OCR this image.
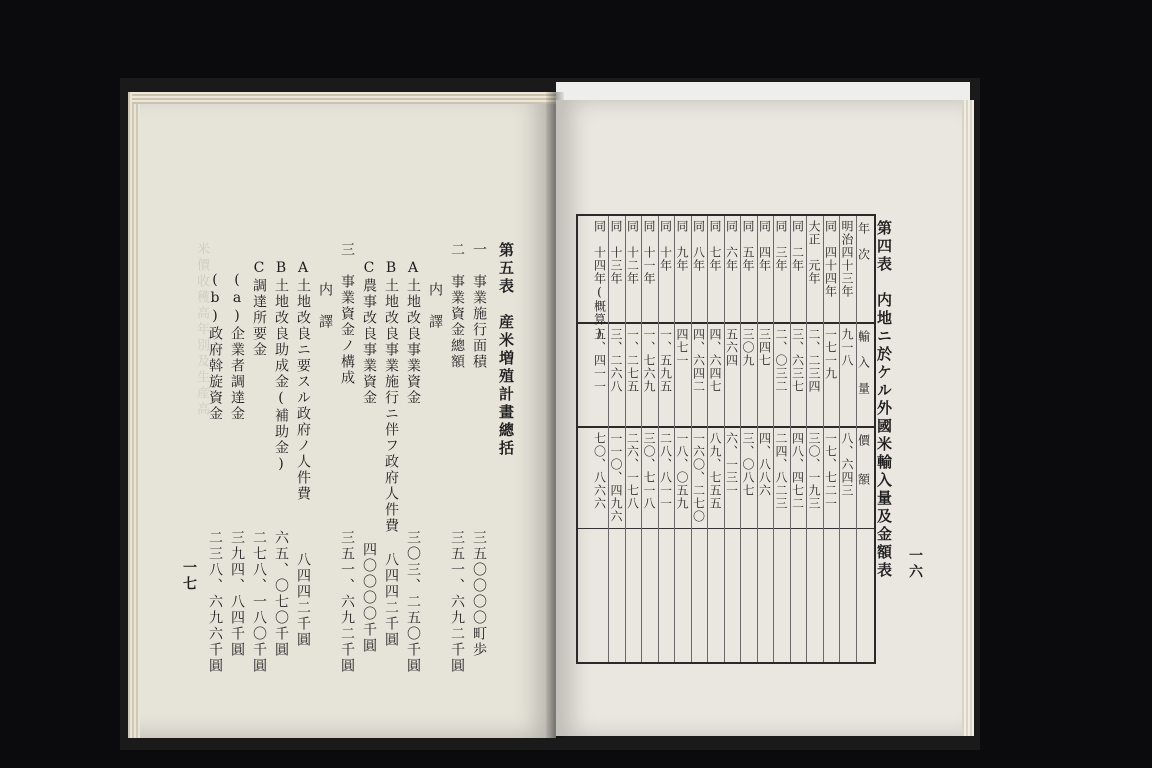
米價收穫高年別及生産高	第五表　産米増殖計畫總括
一　事業施行面積
三五〇〇〇〇町歩
二　事業資金總額
三五一、六九二千圓
内　譯
A土地改良事業資金
三〇三、二五〇千圓
B土地改良事業施行ニ伴フ政府人件費
八四四二千圓
C農事改良事業資金
四〇〇〇〇千圓
三　事業資金ノ構成
三五一、六九二千圓
内　譯
A土地改良ニ要スル政府ノ人件費
八四四二千圓
B土地改良助成金(補助金)
六五、〇七〇千圓
C調達所要金
二七八、一八〇千圓
(a)企業者調達金
三九四、八四千圓
(b)政府斡旋資金
二三八、六九六千圓
一七	第四表　内地ニ於ケル外國米輸入量及金額表 一六
年　次
輸　入　量
價　　額
明治四十三年
九一八
八、六四三
同　四十四年
一七一九
一七、七二一
大正　元年
二、二三四
三〇、一九三
同　二年
三、六三七
四八、四七二
同　三年
二、〇三二
二四、八二三
同　四年
三四七
四、八八六
同　五年
三〇九
三、〇八七
同　六年
五六四
六、一三一
同　七年
四、六四七
八九、七五五
同　八年
四、六四二
一六〇、二七〇
同　九年
四七一
一八、〇五九
同　十年
一、五九五
二八、八一一
同　十一年
一、七六九
三〇、七一八
同　十二年
一、二七五
二六、一七八
同　十三年
三、二六八
一一〇、四九六
同　十四年(概算)
五、四一一
七〇、八六六
